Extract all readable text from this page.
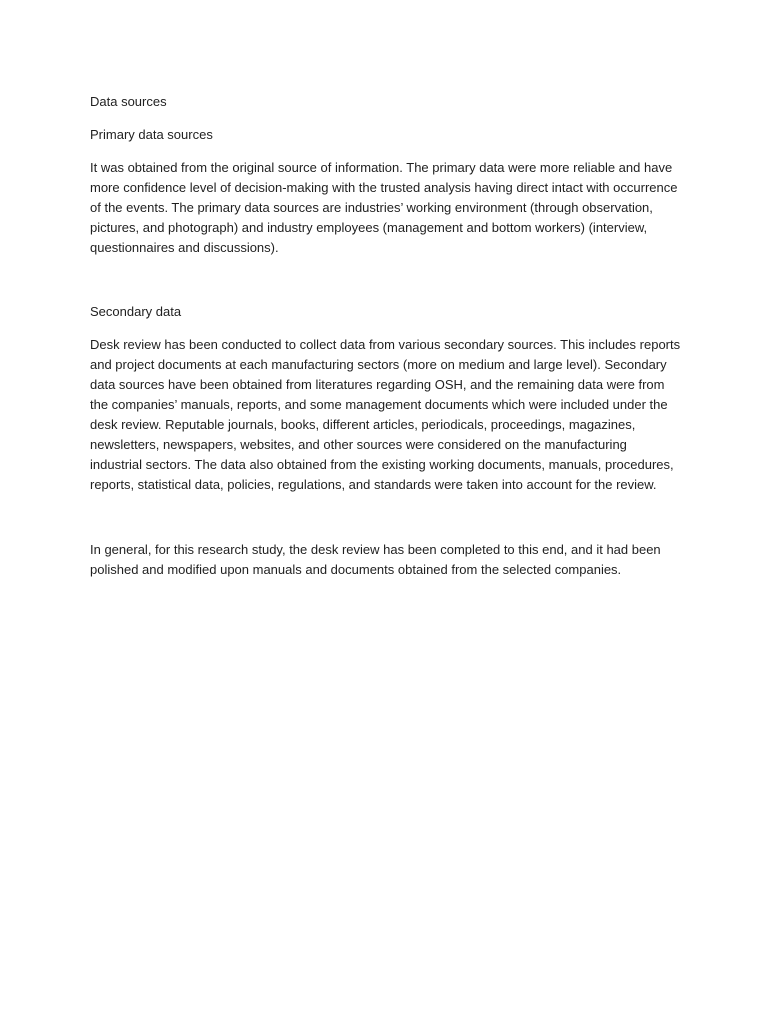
Data sources

Primary data sources

It was obtained from the original source of information. The primary data were more reliable and have more confidence level of decision-making with the trusted analysis having direct intact with occurrence of the events. The primary data sources are industries’ working environment (through observation, pictures, and photograph) and industry employees (management and bottom workers) (interview, questionnaires and discussions).

Secondary data

Desk review has been conducted to collect data from various secondary sources. This includes reports and project documents at each manufacturing sectors (more on medium and large level). Secondary data sources have been obtained from literatures regarding OSH, and the remaining data were from the companies’ manuals, reports, and some management documents which were included under the desk review. Reputable journals, books, different articles, periodicals, proceedings, magazines, newsletters, newspapers, websites, and other sources were considered on the manufacturing industrial sectors. The data also obtained from the existing working documents, manuals, procedures, reports, statistical data, policies, regulations, and standards were taken into account for the review.

In general, for this research study, the desk review has been completed to this end, and it had been polished and modified upon manuals and documents obtained from the selected companies.
